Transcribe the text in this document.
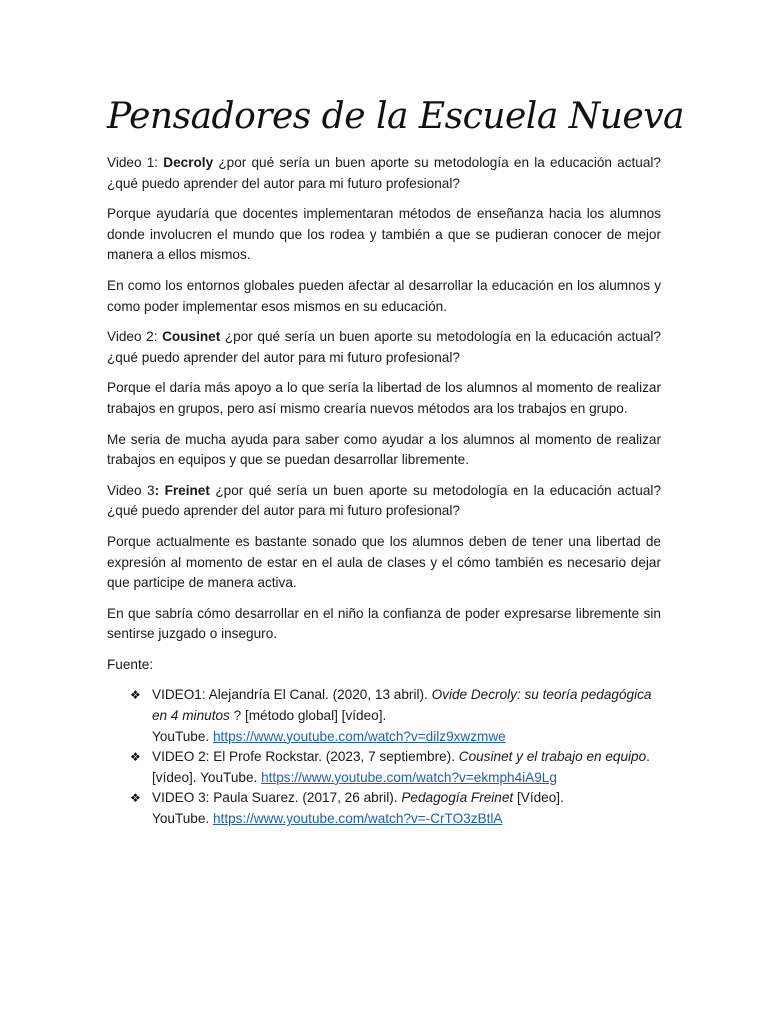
Pensadores de la Escuela Nueva

Video 1: Decroly ¿por qué sería un buen aporte su metodología en la educación actual? ¿qué puedo aprender del autor para mi futuro profesional?

Porque ayudaría que docentes implementaran métodos de enseñanza hacia los alumnos donde involucren el mundo que los rodea y también a que se pudieran conocer de mejor manera a ellos mismos.

En como los entornos globales pueden afectar al desarrollar la educación en los alumnos y como poder implementar esos mismos en su educación.

Video 2: Cousinet ¿por qué sería un buen aporte su metodología en la educación actual? ¿qué puedo aprender del autor para mi futuro profesional?

Porque el daría más apoyo a lo que sería la libertad de los alumnos al momento de realizar trabajos en grupos, pero así mismo crearía nuevos métodos ara los trabajos en grupo.

Me seria de mucha ayuda para saber como ayudar a los alumnos al momento de realizar trabajos en equipos y que se puedan desarrollar libremente.

Video 3: Freinet ¿por qué sería un buen aporte su metodología en la educación actual? ¿qué puedo aprender del autor para mi futuro profesional?

Porque actualmente es bastante sonado que los alumnos deben de tener una libertad de expresión al momento de estar en el aula de clases y el cómo también es necesario dejar que participe de manera activa.

En que sabría cómo desarrollar en el niño la confianza de poder expresarse libremente sin sentirse juzgado o inseguro.

Fuente:

❖ VIDEO1: Alejandría El Canal. (2020, 13 abril). Ovide Decroly: su teoría pedagógica en 4 minutos ? [método global] [vídeo].
YouTube. https://www.youtube.com/watch?v=dilz9xwzmwe
❖ VIDEO 2: El Profe Rockstar. (2023, 7 septiembre). Cousinet y el trabajo en equipo. [vídeo]. YouTube. https://www.youtube.com/watch?v=ekmph4iA9Lg
❖ VIDEO 3: Paula Suarez. (2017, 26 abril). Pedagogía Freinet [Vídeo].
YouTube. https://www.youtube.com/watch?v=-CrTO3zBtlA
